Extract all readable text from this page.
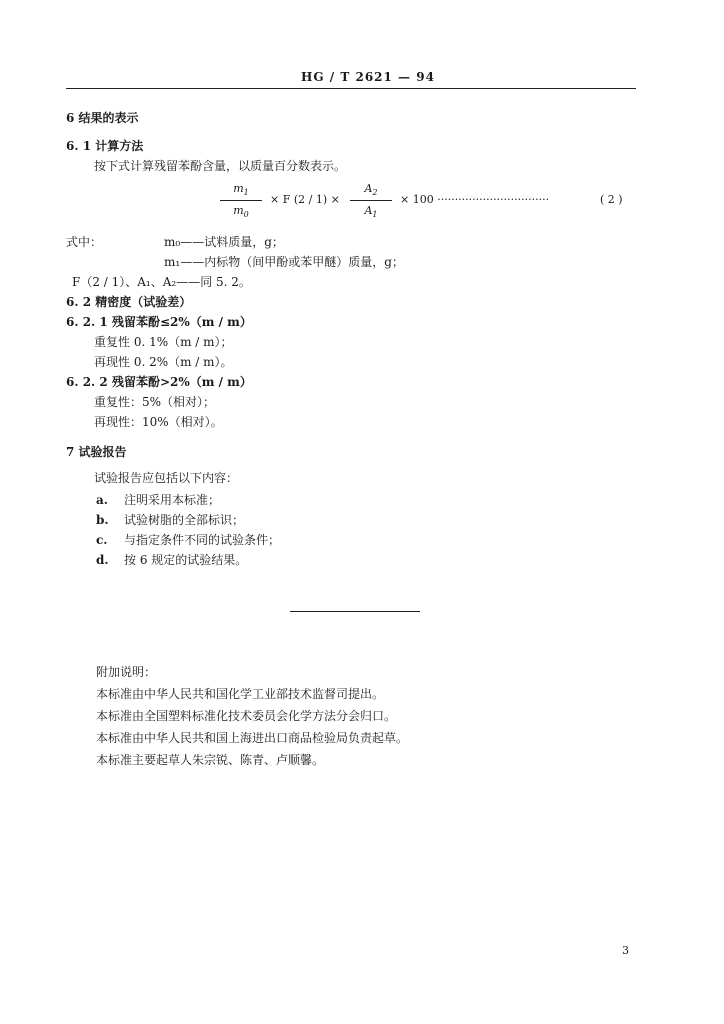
HG / T 2621 — 94
6 结果的表示
6. 1 计算方法
按下式计算残留苯酚含量，以质量百分数表示。
$m_1$
$m_0$
× F (2 / 1) ×
$A_2$
$A_1$
× 100 ································	( 2 )
式中：	m₀——试料质量，g；
m₁——内标物（间甲酚或苯甲醚）质量，g；
F（2 / 1）、A₁、A₂——同 5. 2。
6. 2 精密度（试验差）
6. 2. 1 残留苯酚≤2%（m / m）
重复性 0. 1%（m / m）；
再现性 0. 2%（m / m）。
6. 2. 2 残留苯酚>2%（m / m）
重复性：5%（相对）；
再现性：10%（相对）。
7 试验报告
试验报告应包括以下内容：
a. 注明采用本标准；
b. 试验树脂的全部标识；
c. 与指定条件不同的试验条件；
d. 按 6 规定的试验结果。
附加说明：
本标准由中华人民共和国化学工业部技术监督司提出。
本标准由全国塑料标准化技术委员会化学方法分会归口。
本标准由中华人民共和国上海进出口商品检验局负责起草。
本标准主要起草人朱宗锐、陈青、卢顺馨。
3
